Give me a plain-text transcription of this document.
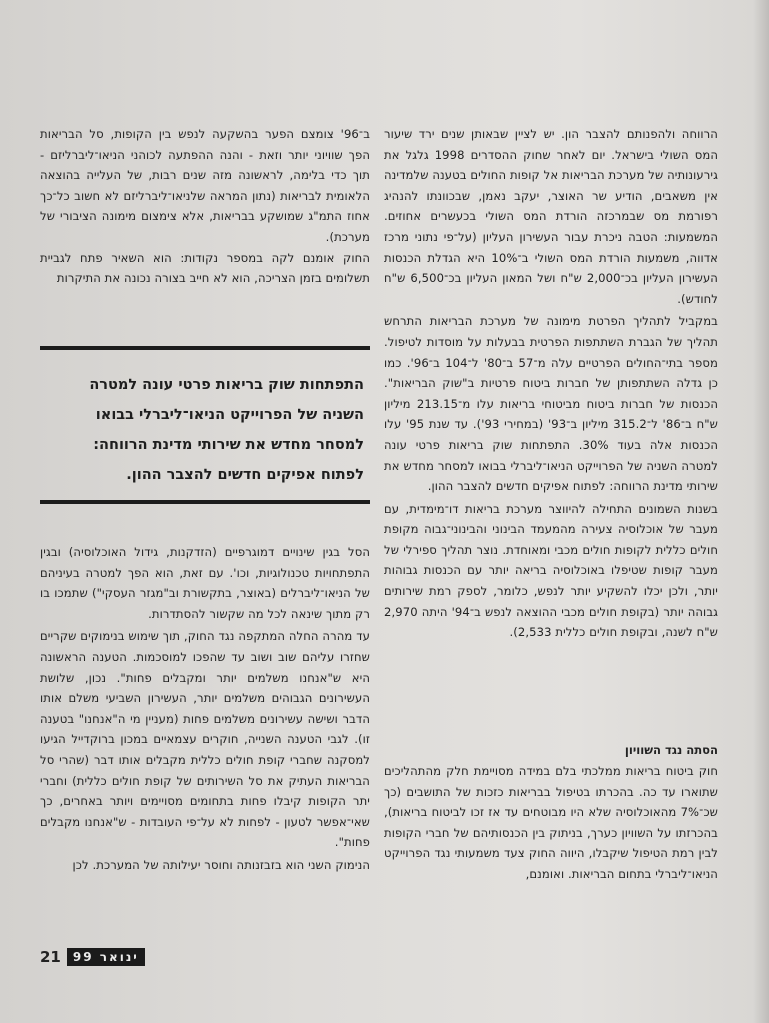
הרווחה ולהפנותם להצבר הון. יש לציין שבאותן שנים ירד שיעור המס השולי בישראל. יום לאחר שחוק ההסדרים 1998 גלגל את גירעונותיה של מערכת הבריאות אל קופות החולים בטענה שלמדינה אין משאבים, הודיע שר האוצר, יעקב נאמן, שבכוונתו להנהיג רפורמת מס שבמרכזה הורדת המס השולי בכעשרים אחוזים. המשמעות: הטבה ניכרת עבור העשירון העליון (על־פי נתוני מרכז אדווה, משמעות הורדת המס השולי ב־10% היא הגדלת הכנסות העשירון העליון בכ־2,000 ש"ח ושל המאון העליון בכ־6,500 ש"ח לחודש).

במקביל לתהליך הפרטת מימונה של מערכת הבריאות התרחש תהליך של הגברת השתתפות הפרטית בבעלות על מוסדות לטיפול. מספר בתי־החולים הפרטיים עלה מ־57 ב־80' ל־104 ב־96'. כמו כן גדלה השתתפותן של חברות ביטוח פרטיות ב"שוק הבריאות". הכנסות של חברות ביטוח מביטוחי בריאות עלו מ־213.15 מיליון ש"ח ב־86' ל־315.2 מיליון ב־93' (במחירי 93'). עד שנת 95' עלו הכנסות אלה בעוד 30%. התפתחות שוק בריאות פרטי עונה למטרה השניה של הפרוייקט הניאו־ליברלי בבואו למסחר מחדש את שירותי מדינת הרווחה: לפתוח אפיקים חדשים להצבר ההון.

בשנות השמונים התחילה להיווצר מערכת בריאות דו־מימדית, עם מעבר של אוכלוסיה צעירה מהמעמד הבינוני והבינוני־גבוה מקופת חולים כללית לקופות חולים מכבי ומאוחדת. נוצר תהליך ספירלי של מעבר קופות שטיפלו באוכלוסיה בריאה יותר עם הכנסות גבוהות יותר, ולכן יכלו להשקיע יותר לנפש, כלומר, לספק רמת שירותים גבוהה יותר (בקופת חולים מכבי ההוצאה לנפש ב־94' היתה 2,970 ש"ח לשנה, ובקופת חולים כללית 2,533).

הסתה נגד השוויון

חוק ביטוח בריאות ממלכתי בלם במידה מסויימת חלק מהתהליכים שתוארו עד כה. בהכרתו בטיפול בבריאות כזכות של התושבים (כך שכ־7% מהאוכלוסיה שלא היו מבוטחים עד אז זכו לביטוח בריאות), בהכרזתו על השוויון כערך, בניתוק בין הכנסותיהם של חברי הקופות לבין רמת הטיפול שיקבלו, היווה החוק צעד משמעותי נגד הפרוייקט הניאו־ליברלי בתחום הבריאות. ואומנם,

ב־96' צומצם הפער בהשקעה לנפש בין הקופות, סל הבריאות הפך שוויוני יותר וזאת - והנה ההפתעה לכוהני הניאו־ליברליזם - תוך כדי בלימה, לראשונה מזה שנים רבות, של העלייה בהוצאה הלאומית לבריאות (נתון המראה שלניאו־ליברליזם לא חשוב כל־כך אחוז התמ"ג שמושקע בבריאות, אלא צימצום מימונה הציבורי של מערכת).

החוק אומנם לקה במספר נקודות: הוא השאיר פתח לגביית תשלומים בזמן הצריכה, הוא לא חייב בצורה נכונה את התיקרות

התפתחות שוק בריאות פרטי עונה למטרה השניה של הפרוייקט הניאו־ליברלי בבואו למסחר מחדש את שירותי מדינת הרווחה: לפתוח אפיקים חדשים להצבר ההון.

הסל בגין שינויים דמוגרפיים (הזדקנות, גידול האוכלוסיה) ובגין התפתחויות טכנולוגיות, וכו'. עם זאת, הוא הפך למטרה בעיניהם של הניאו־ליברלים (באוצר, בתקשורת וב"מגזר העסקי") שתמכו בו רק מתוך שינאה לכל מה שקשור להסתדרות.

עד מהרה החלה המתקפה נגד החוק, תוך שימוש בנימוקים שקריים שחזרו עליהם שוב ושוב עד שהפכו למוסכמות. הטענה הראשונה היא ש"אנחנו משלמים יותר ומקבלים פחות". נכון, שלושת העשירונים הגבוהים משלמים יותר, העשירון השביעי משלם אותו הדבר ושישה עשירונים משלמים פחות (מעניין מי ה"אנחנו" בטענה זו). לגבי הטענה השנייה, חוקרים עצמאיים במכון ברוקדייל הגיעו למסקנה שחברי קופת חולים כללית מקבלים אותו דבר (שהרי סל הבריאות העתיק את סל השירותים של קופת חולים כללית) וחברי יתר הקופות קיבלו פחות בתחומים מסויימים ויותר באחרים, כך שאי־אפשר לטעון - לפחות לא על־פי העובדות - ש"אנחנו מקבלים פחות".

הנימוק השני הוא בזבזנותה וחוסר יעילותה של המערכת. לכן

21	ינואר 99
